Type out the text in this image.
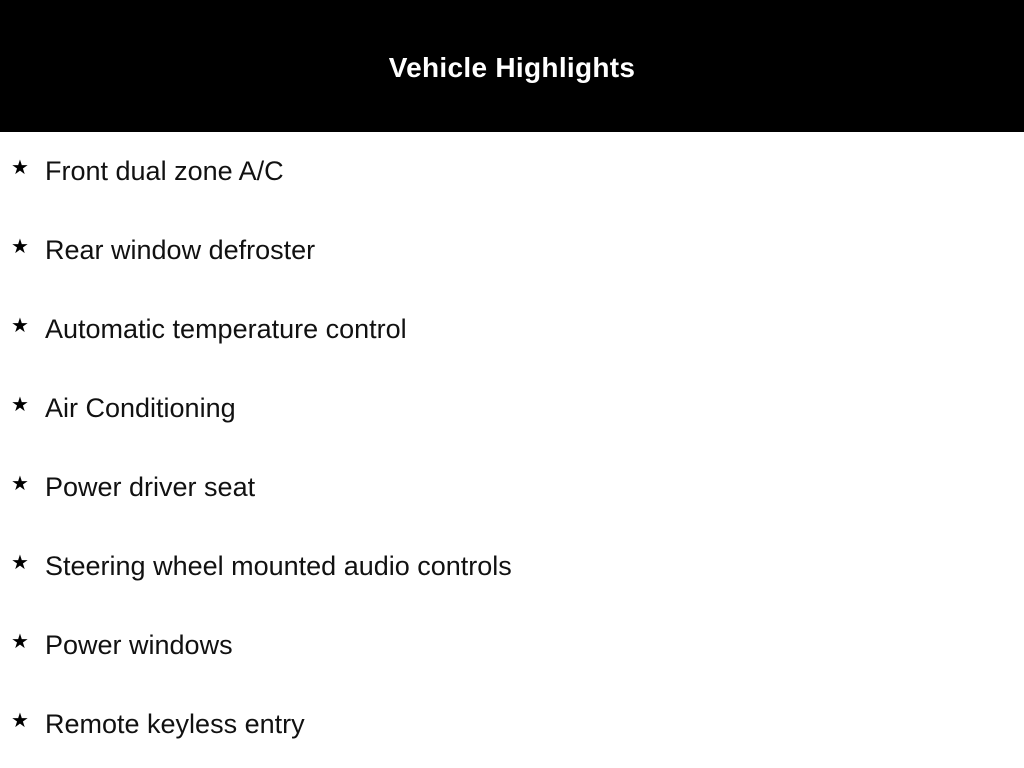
Vehicle Highlights
★ Front dual zone A/C
★ Rear window defroster
★ Automatic temperature control
★ Air Conditioning
★ Power driver seat
★ Steering wheel mounted audio controls
★ Power windows
★ Remote keyless entry
